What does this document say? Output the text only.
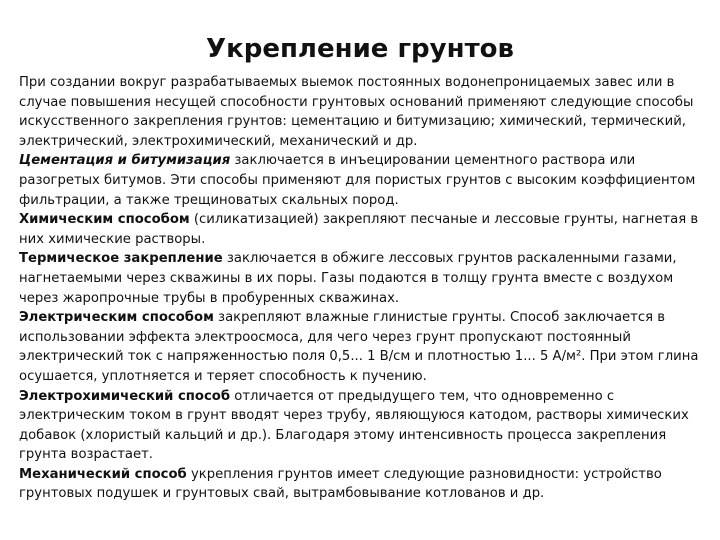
Укрепление грунтов

При создании вокруг разрабатываемых выемок постоянных водонепроницаемых завес или в случае повышения несущей способности грунтовых оснований применяют следующие способы искусственного закрепления грунтов: цементацию и битумизацию; химический, термический, электрический, электрохимический, механический и др.

Цементация и битумизация заключается в инъецировании цементного раствора или разогретых битумов. Эти способы применяют для пористых грунтов с высоким коэффициентом фильтрации, а также трещиноватых скальных пород.

Химическим способом (силикатизацией) закрепляют песчаные и лессовые грунты, нагнетая в них химические растворы.

Термическое закрепление заключается в обжиге лессовых грунтов раскаленными газами, нагнетаемыми через скважины в их поры. Газы подаются в толщу грунта вместе с воздухом через жаропрочные трубы в пробуренных скважинах.

Электрическим способом закрепляют влажные глинистые грунты. Способ заключается в использовании эффекта электроосмоса, для чего через грунт пропускают постоянный электрический ток с напряженностью поля 0,5... 1 В/см и плотностью 1... 5 А/м². При этом глина осушается, уплотняется и теряет способность к пучению.

Электрохимический способ отличается от предыдущего тем, что одновременно с электрическим током в грунт вводят через трубу, являющуюся катодом, растворы химических добавок (хлористый кальций и др.). Благодаря этому интенсивность процесса закрепления грунта возрастает.

Механический способ укрепления грунтов имеет следующие разновидности: устройство грунтовых подушек и грунтовых свай, вытрамбовывание котлованов и др.
